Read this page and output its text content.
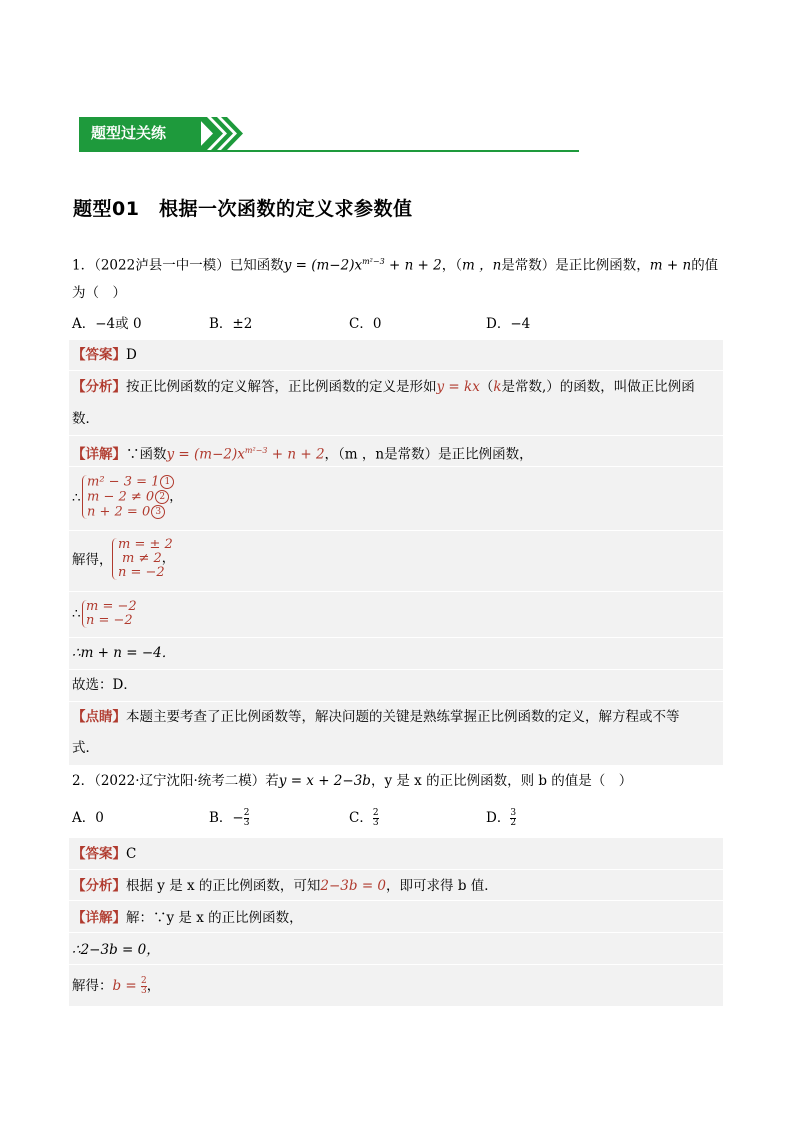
题型过关练
题型01　根据一次函数的定义求参数值
1．（2022泸县一中一模）已知函数$y = (m-2)x^{m^2-3} + n + 2$，（m ，n是常数）是正比例函数，m + n的值
为（　）
A．−4或 0	B．±2	C．0	D．−4
【答案】D
【分析】按正比例函数的定义解答，正比例函数的定义是形如y = kx（k是常数,）的函数，叫做正比例函
数．
【详解】∵函数$y = (m-2)x^{m^2-3} + n + 2$，（m ，n是常数）是正比例函数，
∴
m² − 3 = 1 1
m − 2 ≠ 0 2 ，
n + 2 = 0 3
解得，
m = ± 2
m ≠ 2，
n = −2
∴ m = −2
n = −2
∴m + n = −4．
故选：D．
【点睛】本题主要考查了正比例函数等，解决问题的关键是熟练掌握正比例函数的定义，解方程或不等
式．
2．（2022·辽宁沈阳·统考二模）若y = x + 2−3b，y 是 x 的正比例函数，则 b 的值是（　）
A．0	B．− $\frac{2}{3}$	C． $\frac{2}{3}$	D． $\frac{3}{2}$
【答案】C
【分析】根据 y 是 x 的正比例函数，可知2−3b = 0，即可求得 b 值．
【详解】解：∵y 是 x 的正比例函数，
∴2−3b = 0，
解得：$b = \frac{2}{3}$ ，
